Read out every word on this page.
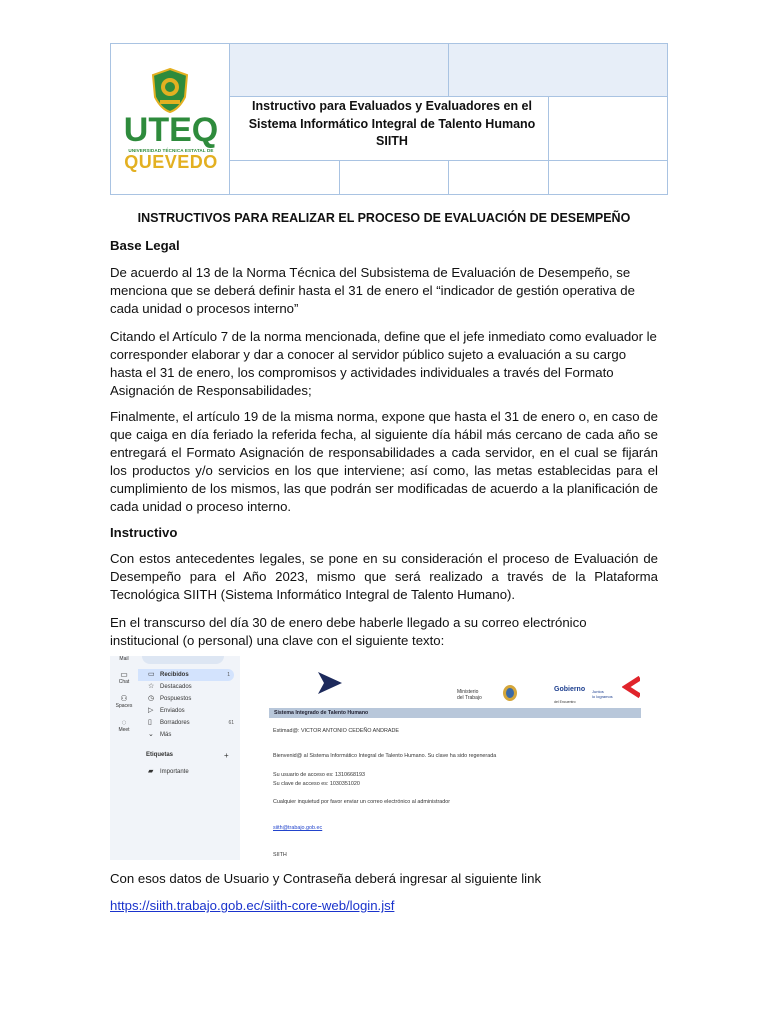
UTEQ
UNIVERSIDAD TÉCNICA ESTATAL DE
QUEVEDO
Instructivo para Evaluados y Evaluadores en el
Sistema Informático Integral de Talento Humano
SIITH
INSTRUCTIVOS PARA REALIZAR EL PROCESO DE EVALUACIÓN DE DESEMPEÑO
Base Legal
De acuerdo al 13 de la Norma Técnica del Subsistema de Evaluación de Desempeño, se menciona que se deberá definir hasta el 31 de enero el “indicador de gestión operativa de cada unidad o procesos interno”
Citando el Artículo 7 de la norma mencionada, define que el jefe inmediato como evaluador le corresponder elaborar y dar a conocer al servidor público sujeto a evaluación a su cargo hasta el 31 de enero, los compromisos y actividades individuales a través del Formato Asignación de Responsabilidades;
Finalmente, el artículo 19 de la misma norma, expone que hasta el 31 de enero o, en caso de que caiga en día feriado la referida fecha, al siguiente día hábil más cercano de cada año se entregará el Formato Asignación de responsabilidades a cada servidor, en el cual se fijarán los productos y/o servicios en los que interviene; así como, las metas establecidas para el cumplimiento de los mismos, las que podrán ser modificadas de acuerdo a la planificación de cada unidad o proceso interno.
Instructivo
Con estos antecedentes legales, se pone en su consideración el proceso de Evaluación de Desempeño para el Año 2023, mismo que será realizado a través de la Plataforma Tecnológica SIITH (Sistema Informático Integral de Talento Humano).
En el transcurso del día 30 de enero debe haberle llegado a su correo electrónico institucional (o personal) una clave con el siguiente texto:
Mail
▭
Chat
⚇
Spaces
◌
Meet
▭ Recibidos	1
☆ Destacados
◷ Pospuestos
▷ Enviados
▯ Borradores	61
⌄ Más
Etiquetas	+
▰ Importante
Ministerio
del Trabajo
Gobierno
del Encuentro
Juntos
lo logramos
Sistema Integrado de Talento Humano
Estimad@: VICTOR ANTONIO CEDEÑO ANDRADE
Bienvenid@ al Sistema Informático Integral de Talento Humano. Su clave ha sido regenerada
Su usuario de acceso es: 1310668193
Su clave de acceso es: 1030351020
Cualquier inquietud por favor enviar un correo electrónico al administrador
siith@trabajo.gob.ec
SIITH
Con esos datos de Usuario y Contraseña deberá ingresar al siguiente link
https://siith.trabajo.gob.ec/siith-core-web/login.jsf
